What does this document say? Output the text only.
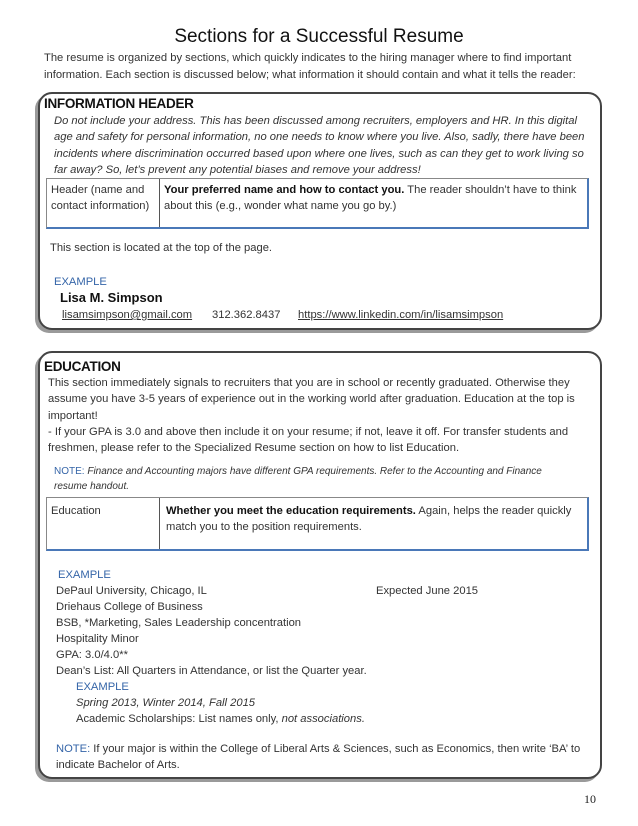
Sections for a Successful Resume
The resume is organized by sections, which quickly indicates to the hiring manager where to find important information. Each section is discussed below; what information it should contain and what it tells the reader:
INFORMATION HEADER
Do not include your address. This has been discussed among recruiters, employers and HR. In this digital age and safety for personal information, no one needs to know where you live. Also, sadly, there have been incidents where discrimination occurred based upon where one lives, such as can they get to work living so far away? So, let’s prevent any potential biases and remove your address!
Header (name and contact information)
Your preferred name and how to contact you. The reader shouldn’t have to think about this (e.g., wonder what name you go by.)
This section is located at the top of the page.
EXAMPLE
Lisa M. Simpson
lisamsimpson@gmail.com 312.362.8437 https://www.linkedin.com/in/lisamsimpson
EDUCATION
This section immediately signals to recruiters that you are in school or recently graduated. Otherwise they assume you have 3-5 years of experience out in the working world after graduation. Education at the top is important!
- If your GPA is 3.0 and above then include it on your resume; if not, leave it off. For transfer students and freshmen, please refer to the Specialized Resume section on how to list Education.
NOTE: Finance and Accounting majors have different GPA requirements. Refer to the Accounting and Finance resume handout.
Education	Whether you meet the education requirements. Again, helps the reader quickly match you to the position requirements.
EXAMPLE
DePaul University, Chicago, IL	Expected June 2015
Driehaus College of Business
BSB, *Marketing, Sales Leadership concentration
Hospitality Minor
GPA: 3.0/4.0**
Dean’s List: All Quarters in Attendance, or list the Quarter year.
EXAMPLE
Spring 2013, Winter 2014, Fall 2015
Academic Scholarships: List names only, not associations.
NOTE: If your major is within the College of Liberal Arts & Sciences, such as Economics, then write ‘BA’ to indicate Bachelor of Arts.
10
